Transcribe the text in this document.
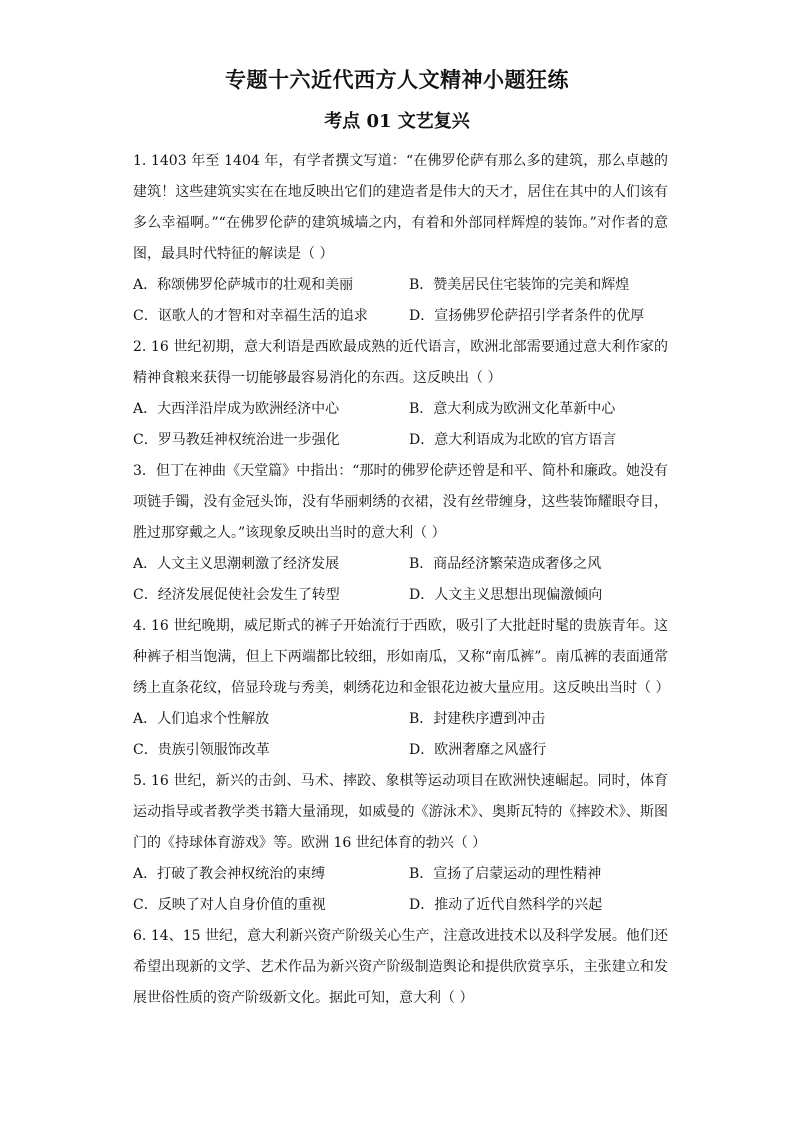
专题十六近代西方人文精神小题狂练
考点 01 文艺复兴
1. 1403 年至 1404 年，有学者撰文写道：“在佛罗伦萨有那么多的建筑，那么卓越的建筑！这些建筑实实在在地反映出它们的建造者是伟大的天才，居住在其中的人们该有多么幸福啊。”“在佛罗伦萨的建筑城墙之内，有着和外部同样辉煌的装饰。”对作者的意图，最具时代特征的解读是（ ）
A．称颂佛罗伦萨城市的壮观和美丽	B．赞美居民住宅装饰的完美和辉煌
C．讴歌人的才智和对幸福生活的追求	D．宣扬佛罗伦萨招引学者条件的优厚
2. 16 世纪初期，意大利语是西欧最成熟的近代语言，欧洲北部需要通过意大利作家的精神食粮来获得一切能够最容易消化的东西。这反映出（ ）
A．大西洋沿岸成为欧洲经济中心	B．意大利成为欧洲文化革新中心
C．罗马教廷神权统治进一步强化	D．意大利语成为北欧的官方语言
3．但丁在神曲《天堂篇》中指出：“那时的佛罗伦萨还曾是和平、简朴和廉政。她没有项链手镯，没有金冠头饰，没有华丽刺绣的衣裙，没有丝带缠身，这些装饰耀眼夺目，胜过那穿戴之人。”该现象反映出当时的意大利（ ）
A．人文主义思潮刺激了经济发展	B．商品经济繁荣造成奢侈之风
C．经济发展促使社会发生了转型	D．人文主义思想出现偏激倾向
4. 16 世纪晚期，威尼斯式的裤子开始流行于西欧，吸引了大批赶时髦的贵族青年。这种裤子相当饱满，但上下两端都比较细，形如南瓜，又称“南瓜裤”。南瓜裤的表面通常绣上直条花纹，倍显玲珑与秀美，刺绣花边和金银花边被大量应用。这反映出当时（ ）
A．人们追求个性解放	B．封建秩序遭到冲击
C．贵族引领服饰改革	D．欧洲奢靡之风盛行
5. 16 世纪，新兴的击剑、马术、摔跤、象棋等运动项目在欧洲快速崛起。同时，体育运动指导或者教学类书籍大量涌现，如威曼的《游泳术》、奥斯瓦特的《摔跤术》、斯图门的《持球体育游戏》等。欧洲 16 世纪体育的勃兴（ ）
A．打破了教会神权统治的束缚	B．宣扬了启蒙运动的理性精神
C．反映了对人自身价值的重视	D．推动了近代自然科学的兴起
6. 14、15 世纪，意大利新兴资产阶级关心生产，注意改进技术以及科学发展。他们还希望出现新的文学、艺术作品为新兴资产阶级制造舆论和提供欣赏享乐，主张建立和发展世俗性质的资产阶级新文化。据此可知，意大利（ ）
